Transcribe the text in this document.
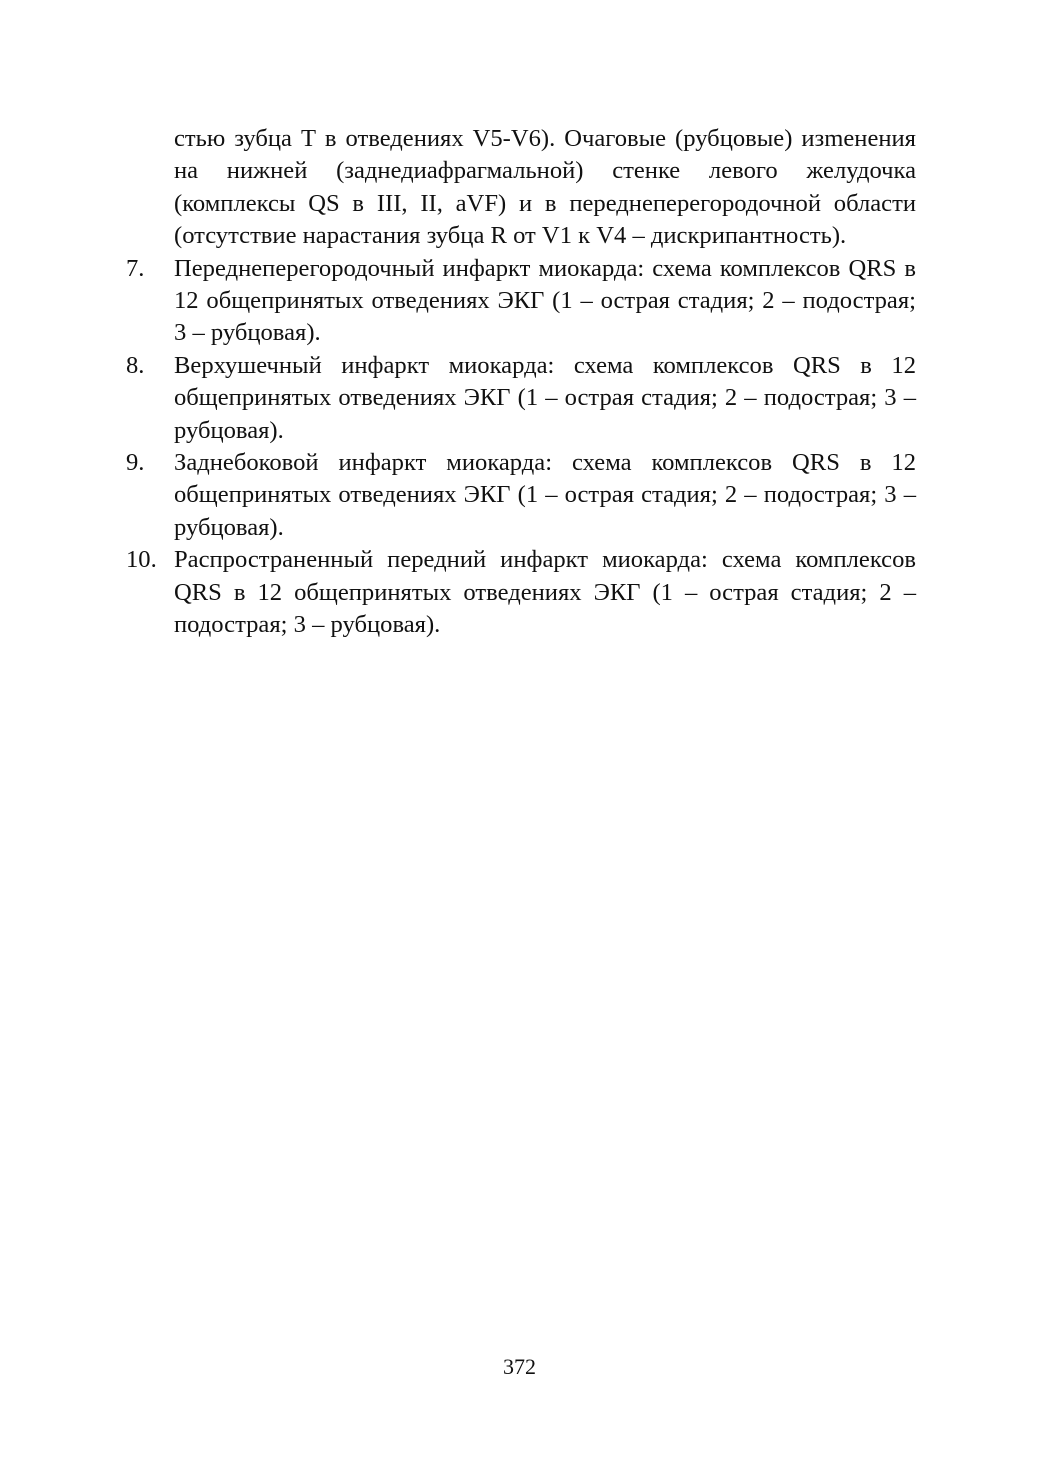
стью зубца Т в отведениях V5-V6). Очаговые (рубцовые) изmенения на нижней (заднедиафрагмальной) стенке левого желудочка (комплексы QS в III, II, aVF) и в переднеперегородочной области (отсутствие нарастания зубца R от V1 к V4 – дискрипантность).
7.	Переднеперегородочный инфаркт миокарда: схема комплексов QRS в 12 общепринятых отведениях ЭКГ (1 – острая стадия; 2 – подострая; 3 – рубцовая).
8.	Верхушечный инфаркт миокарда: схема комплексов QRS в 12 общепринятых отведениях ЭКГ (1 – острая стадия; 2 – подострая; 3 – рубцовая).
9.	Заднебоковой инфаркт миокарда: схема комплексов QRS в 12 общепринятых отведениях ЭКГ (1 – острая стадия; 2 – подострая; 3 – рубцовая).
10. Распространенный передний инфаркт миокарда: схема комплексов QRS в 12 общепринятых отведениях ЭКГ (1 – острая стадия; 2 – подострая; 3 – рубцовая).
372
